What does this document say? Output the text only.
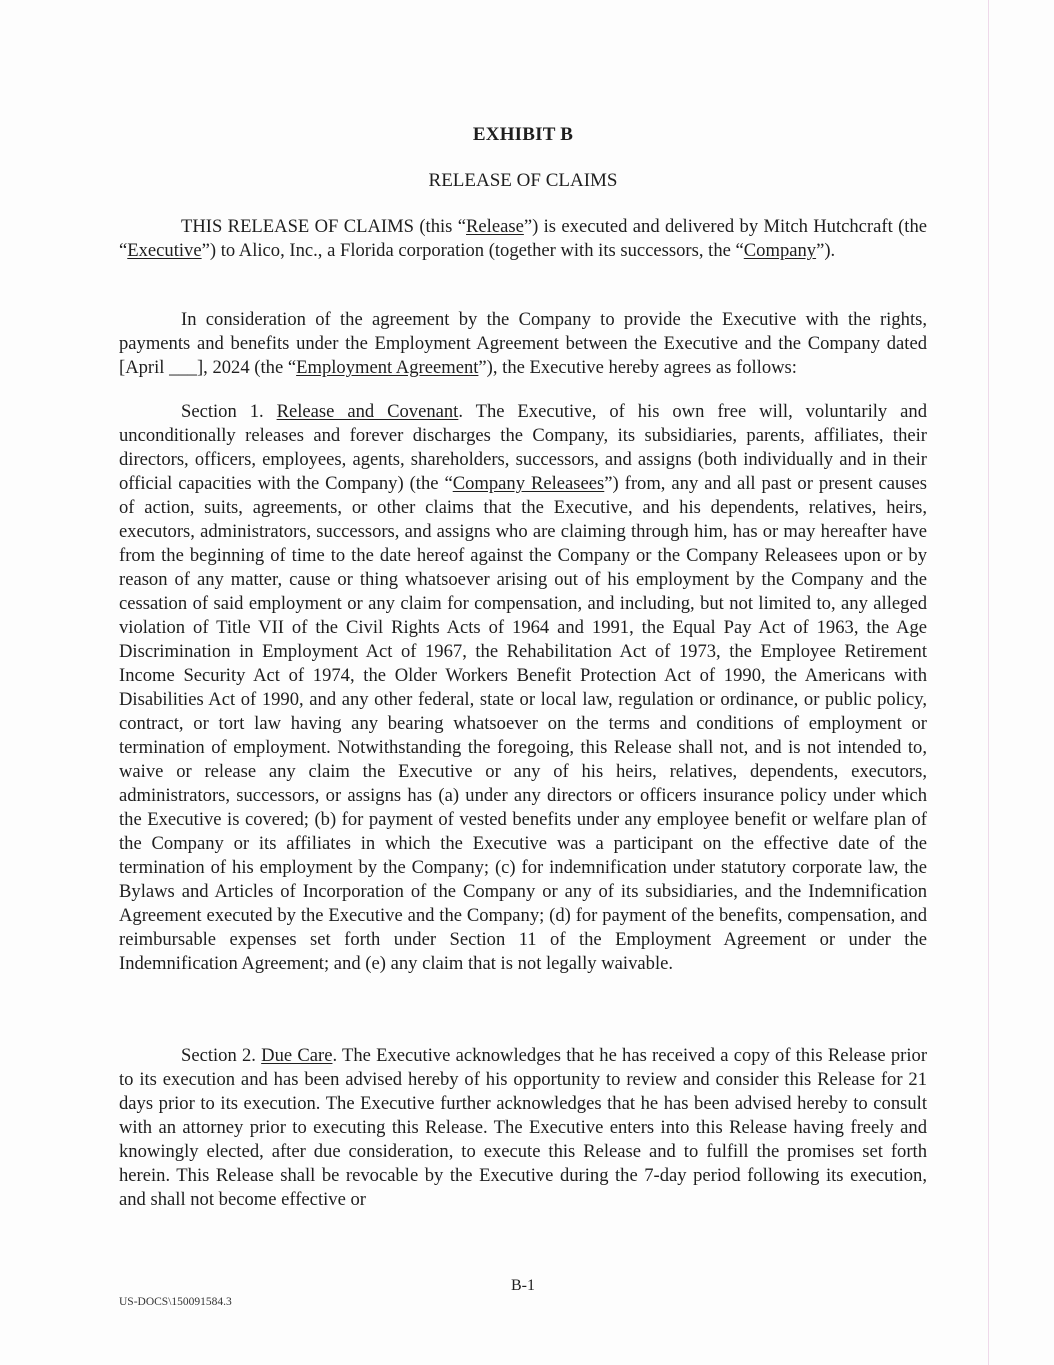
EXHIBIT B
RELEASE OF CLAIMS

THIS RELEASE OF CLAIMS (this “Release”) is executed and delivered by Mitch Hutchcraft (the “Executive”) to Alico, Inc., a Florida corporation (together with its successors, the “Company”).

In consideration of the agreement by the Company to provide the Executive with the rights, payments and benefits under the Employment Agreement between the Executive and the Company dated [April ___], 2024 (the “Employment Agreement”), the Executive hereby agrees as follows:

Section 1. Release and Covenant. The Executive, of his own free will, voluntarily and unconditionally releases and forever discharges the Company, its subsidiaries, parents, affiliates, their directors, officers, employees, agents, shareholders, successors, and assigns (both individually and in their official capacities with the Company) (the “Company Releasees”) from, any and all past or present causes of action, suits, agreements, or other claims that the Executive, and his dependents, relatives, heirs, executors, administrators, successors, and assigns who are claiming through him, has or may hereafter have from the beginning of time to the date hereof against the Company or the Company Releasees upon or by reason of any matter, cause or thing whatsoever arising out of his employment by the Company and the cessation of said employment or any claim for compensation, and including, but not limited to, any alleged violation of Title VII of the Civil Rights Acts of 1964 and 1991, the Equal Pay Act of 1963, the Age Discrimination in Employment Act of 1967, the Rehabilitation Act of 1973, the Employee Retirement Income Security Act of 1974, the Older Workers Benefit Protection Act of 1990, the Americans with Disabilities Act of 1990, and any other federal, state or local law, regulation or ordinance, or public policy, contract, or tort law having any bearing whatsoever on the terms and conditions of employment or termination of employment. Notwithstanding the foregoing, this Release shall not, and is not intended to, waive or release any claim the Executive or any of his heirs, relatives, dependents, executors, administrators, successors, or assigns has (a) under any directors or officers insurance policy under which the Executive is covered; (b) for payment of vested benefits under any employee benefit or welfare plan of the Company or its affiliates in which the Executive was a participant on the effective date of the termination of his employment by the Company; (c) for indemnification under statutory corporate law, the Bylaws and Articles of Incorporation of the Company or any of its subsidiaries, and the Indemnification Agreement executed by the Executive and the Company; (d) for payment of the benefits, compensation, and reimbursable expenses set forth under Section 11 of the Employment Agreement or under the Indemnification Agreement; and (e) any claim that is not legally waivable.

Section 2. Due Care. The Executive acknowledges that he has received a copy of this Release prior to its execution and has been advised hereby of his opportunity to review and consider this Release for 21 days prior to its execution. The Executive further acknowledges that he has been advised hereby to consult with an attorney prior to executing this Release. The Executive enters into this Release having freely and knowingly elected, after due consideration, to execute this Release and to fulfill the promises set forth herein. This Release shall be revocable by the Executive during the 7-day period following its execution, and shall not become effective or

B-1
US-DOCS\150091584.3
